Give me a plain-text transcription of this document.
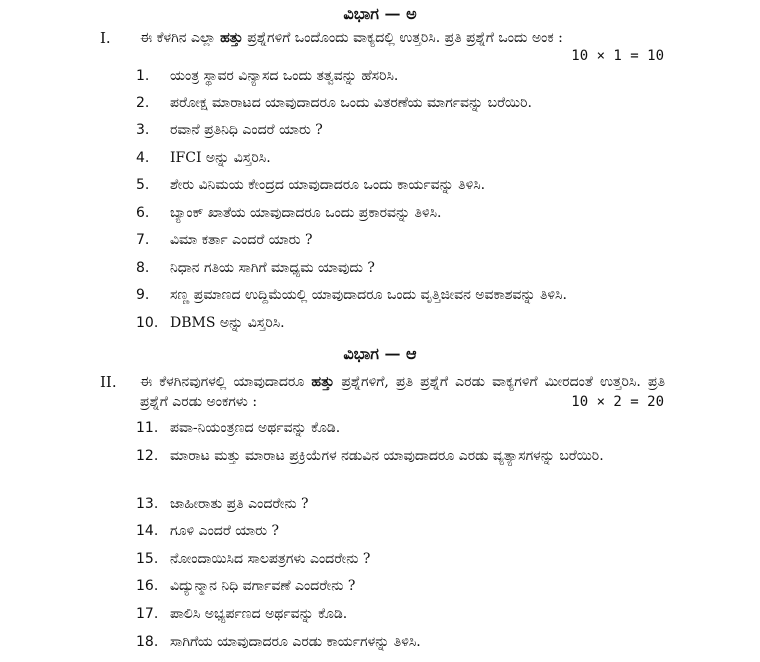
ವಿಭಾಗ — ಅ
I. ಈ ಕೆಳಗಿನ ಎಲ್ಲಾ ಹತ್ತು ಪ್ರಶ್ನೆಗಳಿಗೆ ಒಂದೊಂದು ವಾಕ್ಯದಲ್ಲಿ ಉತ್ತರಿಸಿ. ಪ್ರತಿ ಪ್ರಶ್ನೆಗೆ ಒಂದು ಅಂಕ :
10 × 1 = 10
1.	ಯಂತ್ರ ಸ್ಥಾವರ ವಿನ್ಯಾಸದ ಒಂದು ತತ್ವವನ್ನು ಹೆಸರಿಸಿ.
2.	ಪರೋಕ್ಷ ಮಾರಾಟದ ಯಾವುದಾದರೂ ಒಂದು ವಿತರಣೆಯ ಮಾರ್ಗವನ್ನು ಬರೆಯಿರಿ.
3.	ರವಾನೆ ಪ್ರತಿನಿಧಿ ಎಂದರೆ ಯಾರು ?
4.	IFCI ಅನ್ನು ವಿಸ್ತರಿಸಿ.
5.	ಶೇರು ವಿನಿಮಯ ಕೇಂದ್ರದ ಯಾವುದಾದರೂ ಒಂದು ಕಾರ್ಯವನ್ನು ತಿಳಿಸಿ.
6.	ಬ್ಯಾಂಕ್ ಖಾತೆಯ ಯಾವುದಾದರೂ ಒಂದು ಪ್ರಕಾರವನ್ನು ತಿಳಿಸಿ.
7.	ವಿಮಾ ಕರ್ತಾ ಎಂದರೆ ಯಾರು ?
8.	ನಿಧಾನ ಗತಿಯ ಸಾಗಿಗೆ ಮಾಧ್ಯಮ ಯಾವುದು ?
9.	ಸಣ್ಣ ಪ್ರಮಾಣದ ಉದ್ದಿಮೆಯಲ್ಲಿ ಯಾವುದಾದರೂ ಒಂದು ವೃತ್ತಿಜೀವನ ಅವಕಾಶವನ್ನು ತಿಳಿಸಿ.
10. DBMS ಅನ್ನು ವಿಸ್ತರಿಸಿ.
ವಿಭಾಗ — ಆ
II. ಈ ಕೆಳಗಿನವುಗಳಲ್ಲಿ ಯಾವುದಾದರೂ ಹತ್ತು ಪ್ರಶ್ನೆಗಳಿಗೆ, ಪ್ರತಿ ಪ್ರಶ್ನೆಗೆ ಎರಡು ವಾಕ್ಯಗಳಿಗೆ ಮೀರದಂತೆ ಉತ್ತರಿಸಿ. ಪ್ರತಿ ಪ್ರಶ್ನೆಗೆ ಎರಡು ಅಂಕಗಳು :	10 × 2 = 20
11. ಪವಾ-ನಿಯಂತ್ರಣದ ಅರ್ಥವನ್ನು ಕೊಡಿ.
12. ಮಾರಾಟ ಮತ್ತು ಮಾರಾಟ ಪ್ರಕ್ರಿಯೆಗಳ ನಡುವಿನ ಯಾವುದಾದರೂ ಎರಡು ವ್ಯತ್ಯಾಸಗಳನ್ನು ಬರೆಯಿರಿ.
13. ಜಾಹೀರಾತು ಪ್ರತಿ ಎಂದರೇನು ?
14. ಗೂಳಿ ಎಂದರೆ ಯಾರು ?
15. ನೋಂದಾಯಿಸಿದ ಸಾಲಪತ್ರಗಳು ಎಂದರೇನು ?
16. ವಿದ್ಯುನ್ಮಾನ ನಿಧಿ ವರ್ಗಾವಣೆ ಎಂದರೇನು ?
17. ಪಾಲಿಸಿ ಅಭ್ಯರ್ಪಣದ ಅರ್ಥವನ್ನು ಕೊಡಿ.
18. ಸಾಗಿಗೆಯ ಯಾವುದಾದರೂ ಎರಡು ಕಾರ್ಯಗಳನ್ನು ತಿಳಿಸಿ.
